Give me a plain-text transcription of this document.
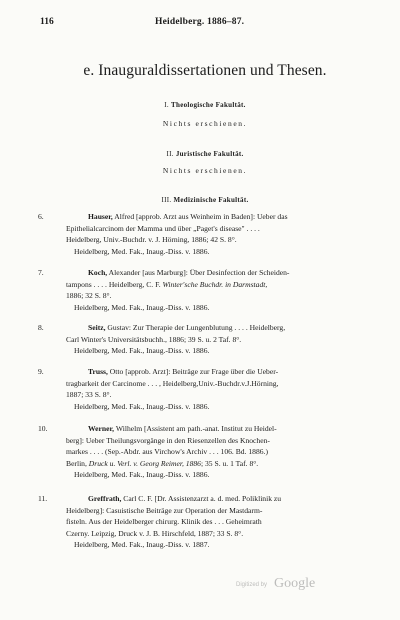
116	Heidelberg. 1886–87.
e. Inauguraldissertationen und Thesen.
I. Theologische Fakultät.
Nichts erschienen.
II. Juristische Fakultät.
Nichts erschienen.
III. Medizinische Fakultät.
6.	Hauser, Alfred [approb. Arzt aus Weinheim in Baden]: Ueber das
Epithelialcarcinom der Mamma und über „Paget's disease" . . . .
Heidelberg, Univ.-Buchdr. v. J. Hörning, 1886; 42 S. 8°.
Heidelberg, Med. Fak., Inaug.-Diss. v. 1886.
7.	Koch, Alexander [aus Marburg]: Über Desinfection der Scheiden-
tampons . . . . Heidelberg, C. F. Winter'sche Buchdr. in Darmstadt,
1886; 32 S. 8°.
Heidelberg, Med. Fak., Inaug.-Diss. v. 1886.
8.	Seitz, Gustav: Zur Therapie der Lungenblutung . . . . Heidelberg,
Carl Winter's Universitätsbuchh., 1886; 39 S. u. 2 Taf. 8°.
Heidelberg, Med. Fak., Inaug.-Diss. v. 1886.
9.	Truss, Otto [approb. Arzt]: Beiträge zur Frage über die Ueber-
tragbarkeit der Carcinome . . . , Heidelberg,Univ.-Buchdr.v.J.Hörning,
1887; 33 S. 8°.
Heidelberg, Med. Fak., Inaug.-Diss. v. 1886.
10.	Werner, Wilhelm [Assistent am path.-anat. Institut zu Heidel-
berg]: Ueber Theilungsvorgänge in den Riesenzellen des Knochen-
markes . . . . (Sep.-Abdr. aus Virchow's Archiv . . . 106. Bd. 1886.)
Berlin, Druck u. Verl. v. Georg Reimer, 1886; 35 S. u. 1 Taf. 8°.
Heidelberg, Med. Fak., Inaug.-Diss. v. 1886.
11.	Greffrath, Carl C. F. [Dr. Assistenzarzt a. d. med. Poliklinik zu
Heidelberg]: Casuistische Beiträge zur Operation der Mastdarm-
fisteln. Aus der Heidelberger chirurg. Klinik des . . . Geheimrath
Czerny. Leipzig, Druck v. J. B. Hirschfeld, 1887; 33 S. 8°.
Heidelberg, Med. Fak., Inaug.-Diss. v. 1887.
Digitized by Google
